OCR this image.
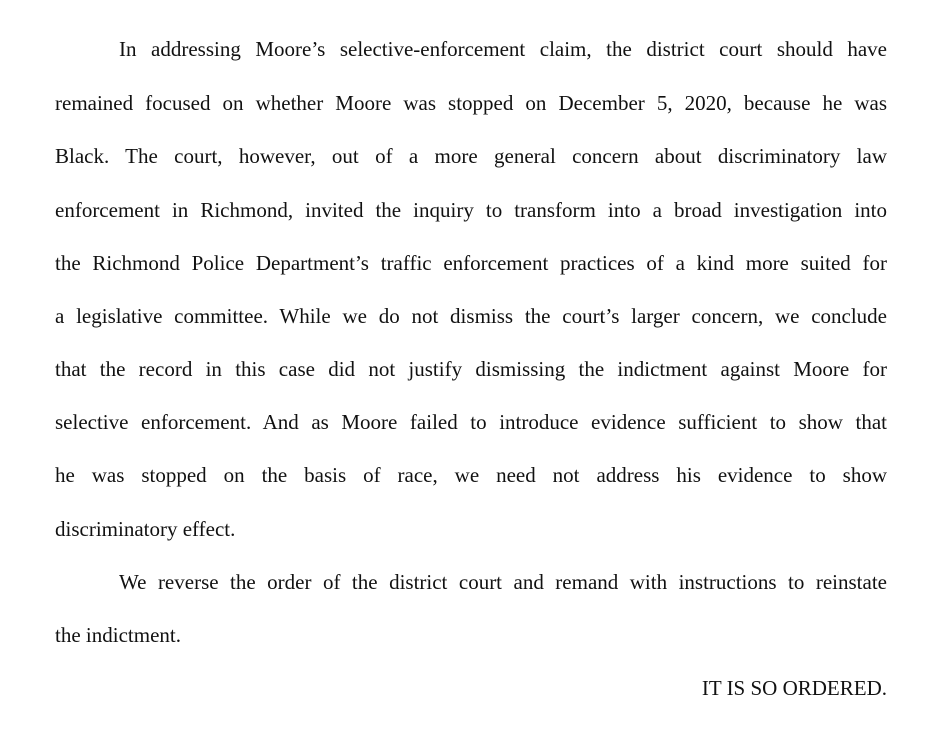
In addressing Moore’s selective-enforcement claim, the district court should have
remained focused on whether Moore was stopped on December 5, 2020, because he was
Black. The court, however, out of a more general concern about discriminatory law
enforcement in Richmond, invited the inquiry to transform into a broad investigation into
the Richmond Police Department’s traffic enforcement practices of a kind more suited for
a legislative committee. While we do not dismiss the court’s larger concern, we conclude
that the record in this case did not justify dismissing the indictment against Moore for
selective enforcement. And as Moore failed to introduce evidence sufficient to show that
he was stopped on the basis of race, we need not address his evidence to show
discriminatory effect.
We reverse the order of the district court and remand with instructions to reinstate
the indictment.
IT IS SO ORDERED.
